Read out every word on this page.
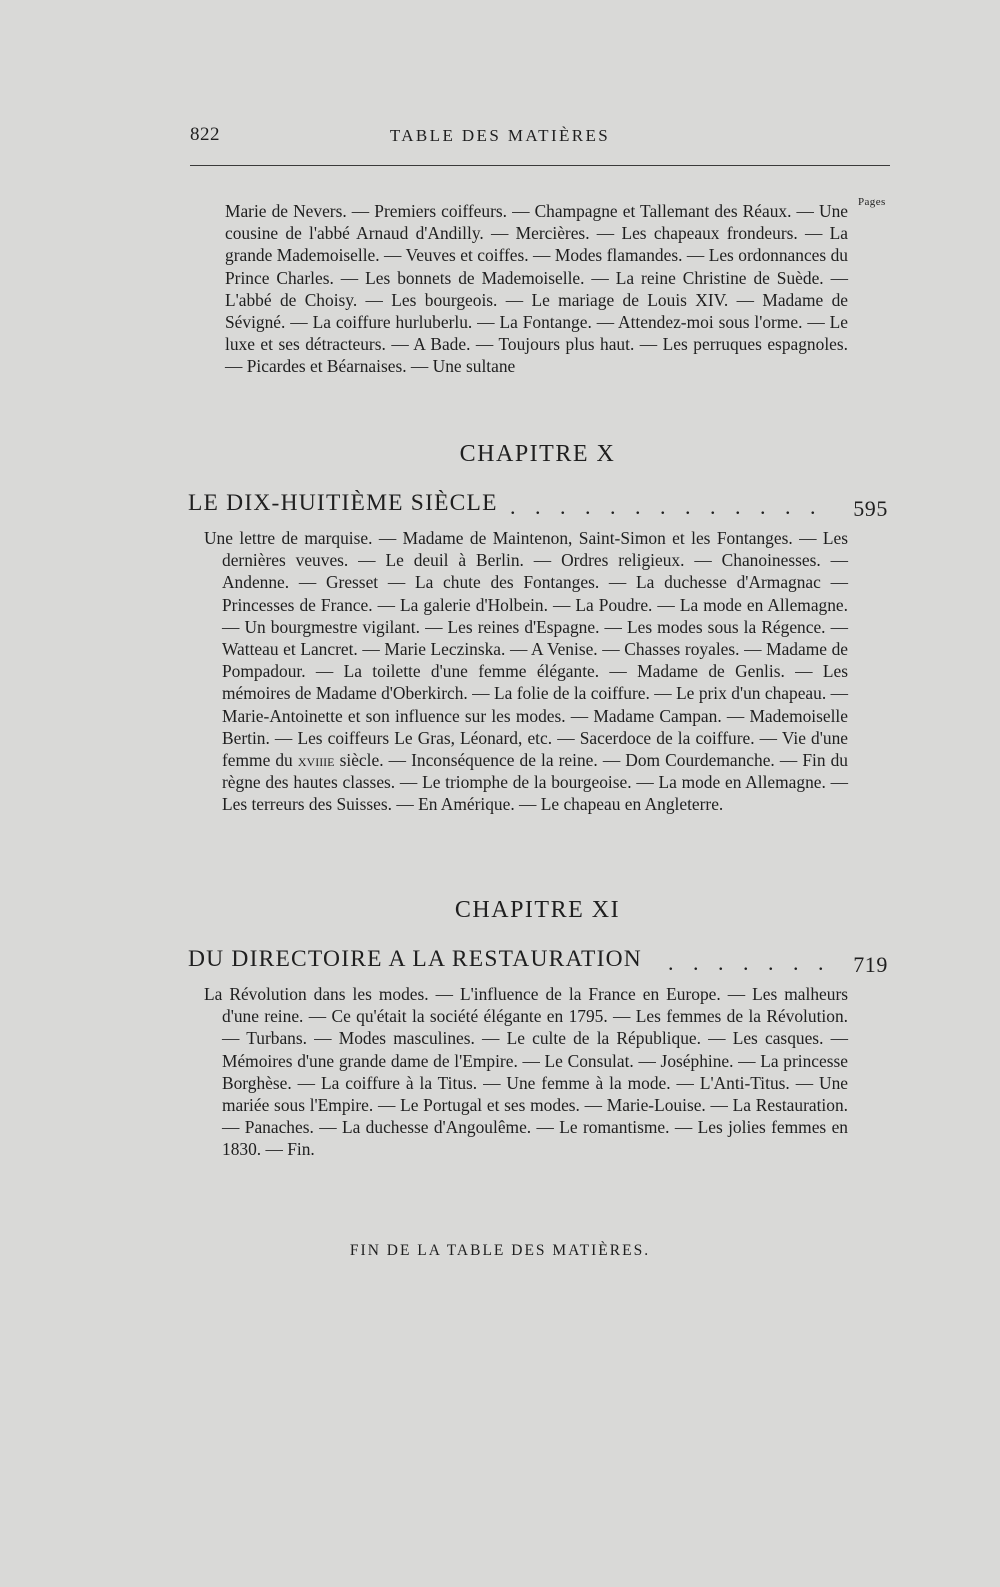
822	TABLE DES MATIÈRES
Pages

Marie de Nevers. — Premiers coiffeurs. — Champagne et Tallemant des Réaux. — Une cousine de l'abbé Arnaud d'Andilly. — Mercières. — Les chapeaux frondeurs. — La grande Mademoiselle. — Veuves et coiffes. — Modes flamandes. — Les ordonnances du Prince Charles. — Les bonnets de Mademoiselle. — La reine Christine de Suède. — L'abbé de Choisy. — Les bourgeois. — Le mariage de Louis XIV. — Madame de Sévigné. — La coiffure hurluberlu. — La Fontange. — Attendez-moi sous l'orme. — Le luxe et ses détracteurs. — A Bade. — Toujours plus haut. — Les perruques espagnoles. — Picardes et Béarnaises. — Une sultane

CHAPITRE X
LE DIX-HUITIÈME SIÈCLE . . . . . . . . . . . . . 595

Une lettre de marquise. — Madame de Maintenon, Saint-Simon et les Fontanges. — Les dernières veuves. — Le deuil à Berlin. — Ordres religieux. — Chanoinesses. — Andenne. — Gresset — La chute des Fontanges. — La duchesse d'Armagnac — Princesses de France. — La galerie d'Holbein. — La Poudre. — La mode en Allemagne. — Un bourgmestre vigilant. — Les reines d'Espagne. — Les modes sous la Régence. — Watteau et Lancret. — Marie Leczinska. — A Venise. — Chasses royales. — Madame de Pompadour. — La toilette d'une femme élégante. — Madame de Genlis. — Les mémoires de Madame d'Oberkirch. — La folie de la coiffure. — Le prix d'un chapeau. — Marie-Antoinette et son influence sur les modes. — Madame Campan. — Mademoiselle Bertin. — Les coiffeurs Le Gras, Léonard, etc. — Sacerdoce de la coiffure. — Vie d'une femme du xviiie siècle. — Inconséquence de la reine. — Dom Courdemanche. — Fin du règne des hautes classes. — Le triomphe de la bourgeoise. — La mode en Allemagne. — Les terreurs des Suisses. — En Amérique. — Le chapeau en Angleterre.

CHAPITRE XI
DU DIRECTOIRE A LA RESTAURATION . . . . . . . 719

La Révolution dans les modes. — L'influence de la France en Europe. — Les malheurs d'une reine. — Ce qu'était la société élégante en 1795. — Les femmes de la Révolution. — Turbans. — Modes masculines. — Le culte de la République. — Les casques. — Mémoires d'une grande dame de l'Empire. — Le Consulat. — Joséphine. — La princesse Borghèse. — La coiffure à la Titus. — Une femme à la mode. — L'Anti-Titus. — Une mariée sous l'Empire. — Le Portugal et ses modes. — Marie-Louise. — La Restauration. — Panaches. — La duchesse d'Angoulême. — Le romantisme. — Les jolies femmes en 1830. — Fin.

FIN DE LA TABLE DES MATIÈRES.
